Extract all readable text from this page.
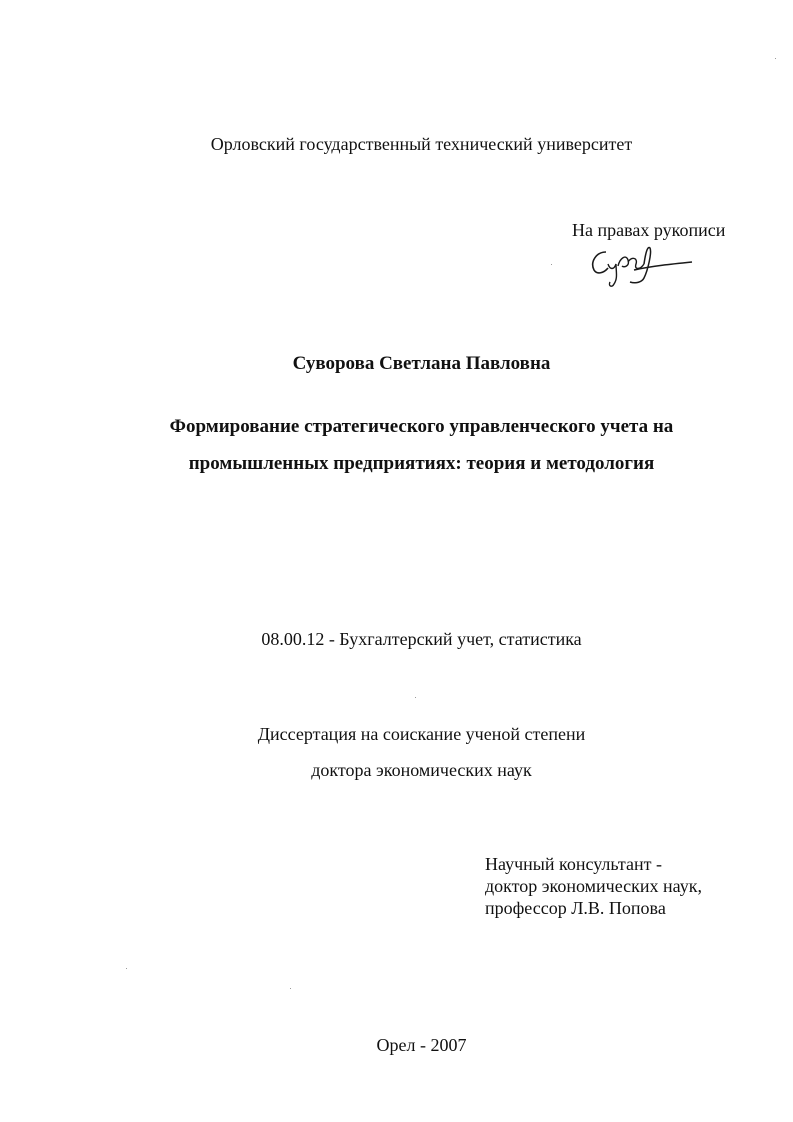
Орловский государственный технический университет
На правах рукописи
Суворова Светлана Павловна
Формирование стратегического управленческого учета на
промышленных предприятиях: теория и методология
08.00.12 - Бухгалтерский учет, статистика
Диссертация на соискание ученой степени
доктора экономических наук
Научный консультант -
доктор экономических наук,
профессор Л.В. Попова
Орел - 2007
